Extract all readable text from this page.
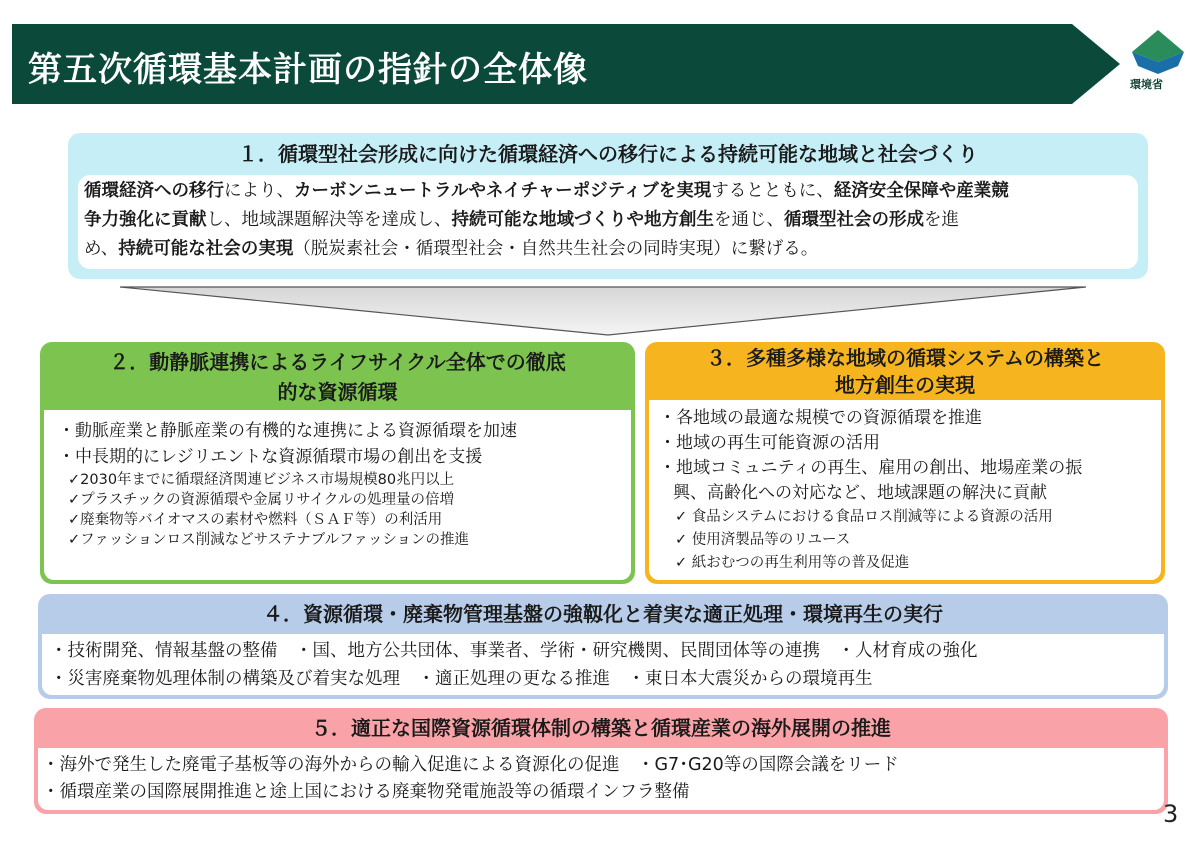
第五次循環基本計画の指針の全体像	環境省
１．循環型社会形成に向けた循環経済への移行による持続可能な地域と社会づくり
循環経済への移行により、カーボンニュートラルやネイチャーポジティブを実現するとともに、経済安全保障や産業競
争力強化に貢献し、地域課題解決等を達成し、持続可能な地域づくりや地方創生を通じ、循環型社会の形成を進
め、持続可能な社会の実現（脱炭素社会・循環型社会・自然共生社会の同時実現）に繋げる。
２．動静脈連携によるライフサイクル全体での徹底
的な資源循環
・動脈産業と静脈産業の有機的な連携による資源循環を加速
・中長期的にレジリエントな資源循環市場の創出を支援
✓2030年までに循環経済関連ビジネス市場規模80兆円以上
✓プラスチックの資源循環や金属リサイクルの処理量の倍増
✓廃棄物等バイオマスの素材や燃料（ＳＡＦ等）の利活用
✓ファッションロス削減などサステナブルファッションの推進
３．多種多様な地域の循環システムの構築と
地方創生の実現
・各地域の最適な規模での資源循環を推進
・地域の再生可能資源の活用
・地域コミュニティの再生、雇用の創出、地場産業の振
興、高齢化への対応など、地域課題の解決に貢献
✓ 食品システムにおける食品ロス削減等による資源の活用
✓ 使用済製品等のリユース
✓ 紙おむつの再生利用等の普及促進
４．資源循環・廃棄物管理基盤の強靱化と着実な適正処理・環境再生の実行
・技術開発、情報基盤の整備　・国、地方公共団体、事業者、学術・研究機関、民間団体等の連携　・人材育成の強化
・災害廃棄物処理体制の構築及び着実な処理　・適正処理の更なる推進　・東日本大震災からの環境再生
５．適正な国際資源循環体制の構築と循環産業の海外展開の推進
・海外で発生した廃電子基板等の海外からの輸入促進による資源化の促進　・G7･G20等の国際会議をリード
・循環産業の国際展開推進と途上国における廃棄物発電施設等の循環インフラ整備
3
